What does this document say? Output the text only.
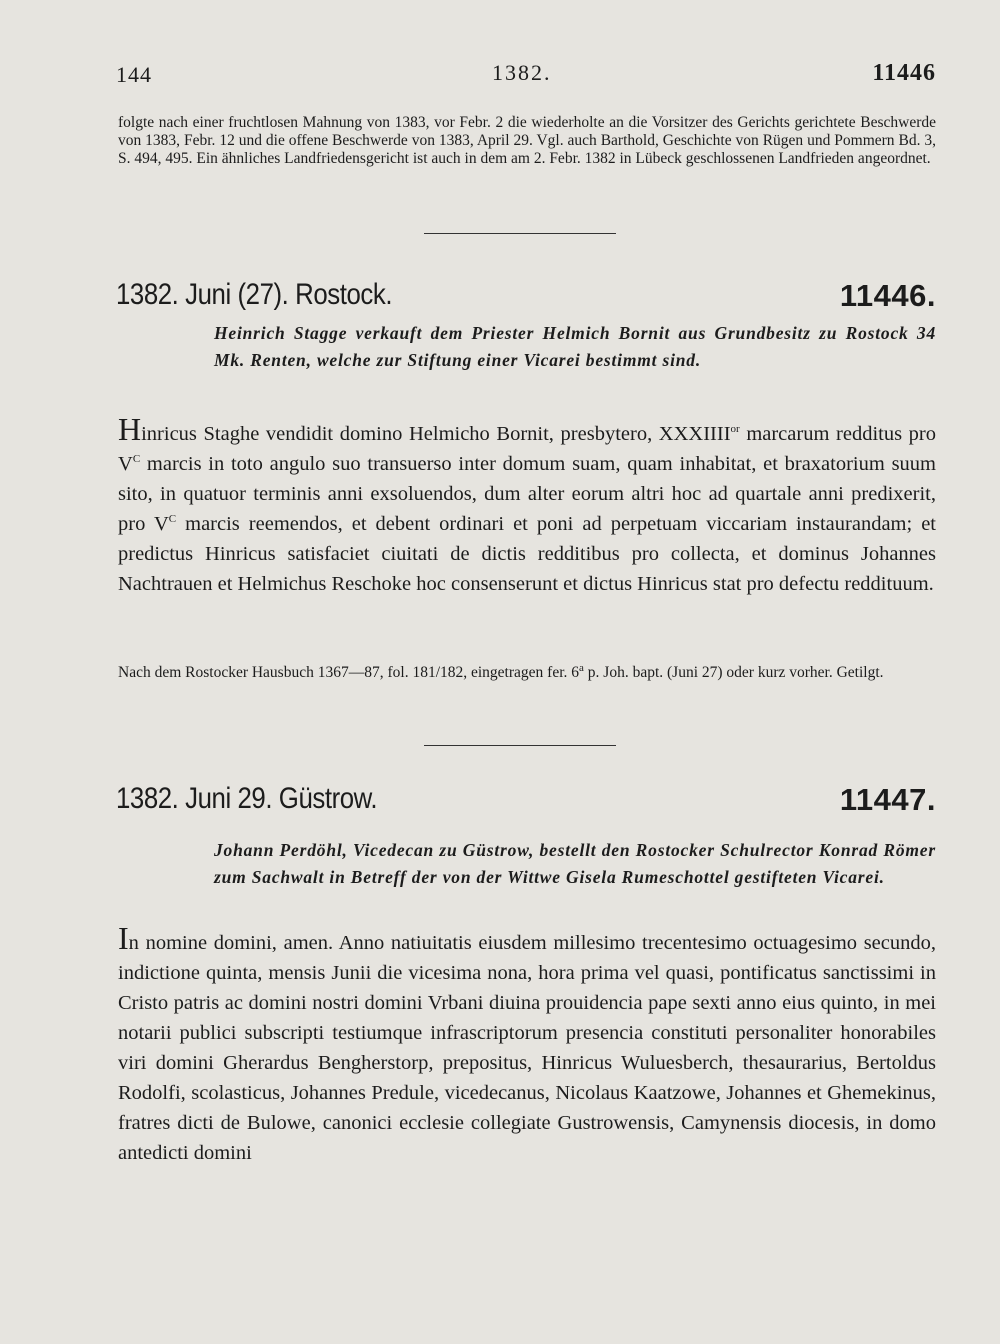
144	1382.	11446
folgte nach einer fruchtlosen Mahnung von 1383, vor Febr. 2 die wiederholte an die Vorsitzer des Gerichts gerichtete Beschwerde von 1383, Febr. 12 und die offene Beschwerde von 1383, April 29. Vgl. auch Barthold, Geschichte von Rügen und Pommern Bd. 3, S. 494, 495. Ein ähnliches Landfriedensgericht ist auch in dem am 2. Febr. 1382 in Lübeck geschlossenen Landfrieden angeordnet.
1382. Juni (27). Rostock.	11446.
Heinrich Stagge verkauft dem Priester Helmich Bornit aus Grundbesitz zu Rostock 34 Mk. Renten, welche zur Stiftung einer Vicarei bestimmt sind.
Hinricus Staghe vendidit domino Helmicho Bornit, presbytero, $XXXIIII^{or}$ marcarum redditus pro $V^C$ marcis in toto angulo suo transuerso inter domum suam, quam inhabitat, et braxatorium suum sito, in quatuor terminis anni exsoluendos, dum alter eorum altri hoc ad quartale anni predixerit, pro $V^C$ marcis reemendos, et debent ordinari et poni ad perpetuam viccariam instaurandam; et predictus Hinricus satisfaciet ciuitati de dictis redditibus pro collecta, et dominus Johannes Nachtrauen et Helmichus Reschoke hoc consenserunt et dictus Hinricus stat pro defectu reddituum.
Nach dem Rostocker Hausbuch 1367—87, fol. 181/182, eingetragen fer. 6$^a$ p. Joh. bapt. (Juni 27) oder kurz vorher. Getilgt.
1382. Juni 29. Güstrow.	11447.
Johann Perdöhl, Vicedecan zu Güstrow, bestellt den Rostocker Schulrector Konrad Römer zum Sachwalt in Betreff der von der Wittwe Gisela Rumeschottel gestifteten Vicarei.
In nomine domini, amen. Anno natiuitatis eiusdem millesimo trecentesimo octuagesimo secundo, indictione quinta, mensis Junii die vicesima nona, hora prima vel quasi, pontificatus sanctissimi in Cristo patris ac domini nostri domini Vrbani diuina prouidencia pape sexti anno eius quinto, in mei notarii publici subscripti testiumque infrascriptorum presencia constituti personaliter honorabiles viri domini Gherardus Bengherstorp, prepositus, Hinricus Wuluesberch, thesaurarius, Bertoldus Rodolfi, scolasticus, Johannes Predule, vicedecanus, Nicolaus Kaatzowe, Johannes et Ghemekinus, fratres dicti de Bulowe, canonici ecclesie collegiate Gustrowensis, Camynensis diocesis, in domo antedicti domini
